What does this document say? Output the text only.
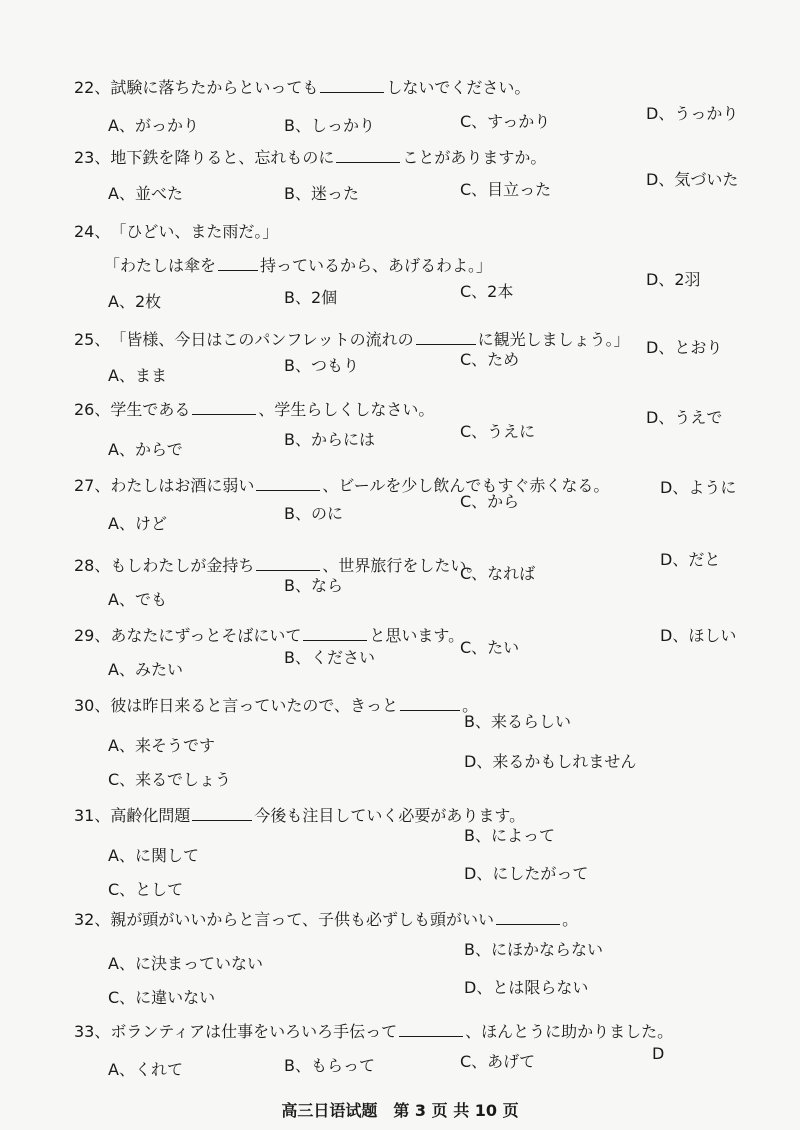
22、試験に落ちたからといっても	しないでください。
A、がっかり	B、しっかり	C、すっかり	D、うっかり
23、地下鉄を降りると、忘れものに	ことがありますか。
A、並べた	B、迷った	C、目立った
D、気づいた
24、「ひどい、また雨だ。」
「わたしは傘を	持っているから、あげるわよ。」
A、2枚	B、2個	C、2本
D、2羽
25、「皆様、今日はこのパンフレットの流れの	に観光しましょう。」
A、まま
B、つもり	C、ため
D、とおり
26、学生である	、学生らしくしなさい。
A、からで
B、からには	C、うえに
D、うえで
27、わたしはお酒に弱い	、ビールを少し飲んでもすぐ赤くなる。
A、けど
B、のに
C、から
D、ように
28、もしわたしが金持ち	、世界旅行をしたい。
A、でも
B、なら
C、なれば
D、だと
29、あなたにずっとそばにいて	と思います。
A、みたい
B、ください
C、たい
D、ほしい
30、彼は昨日来ると言っていたので、きっと	。
A、来そうです
B、来るらしい
C、来るでしょう
D、来るかもしれません
31、高齢化問題	今後も注目していく必要があります。
A、に関して
B、によって
C、として
D、にしたがって
32、親が頭がいいからと言って、子供も必ずしも頭がいい	。
A、に決まっていない
B、にほかならない
C、に違いない
D、とは限らない
33、ボランティアは仕事をいろいろ手伝って	、ほんとうに助かりました。
A、くれて	B、もらって	C、あげて	D
高三日语试题　第 3 页 共 10 页
